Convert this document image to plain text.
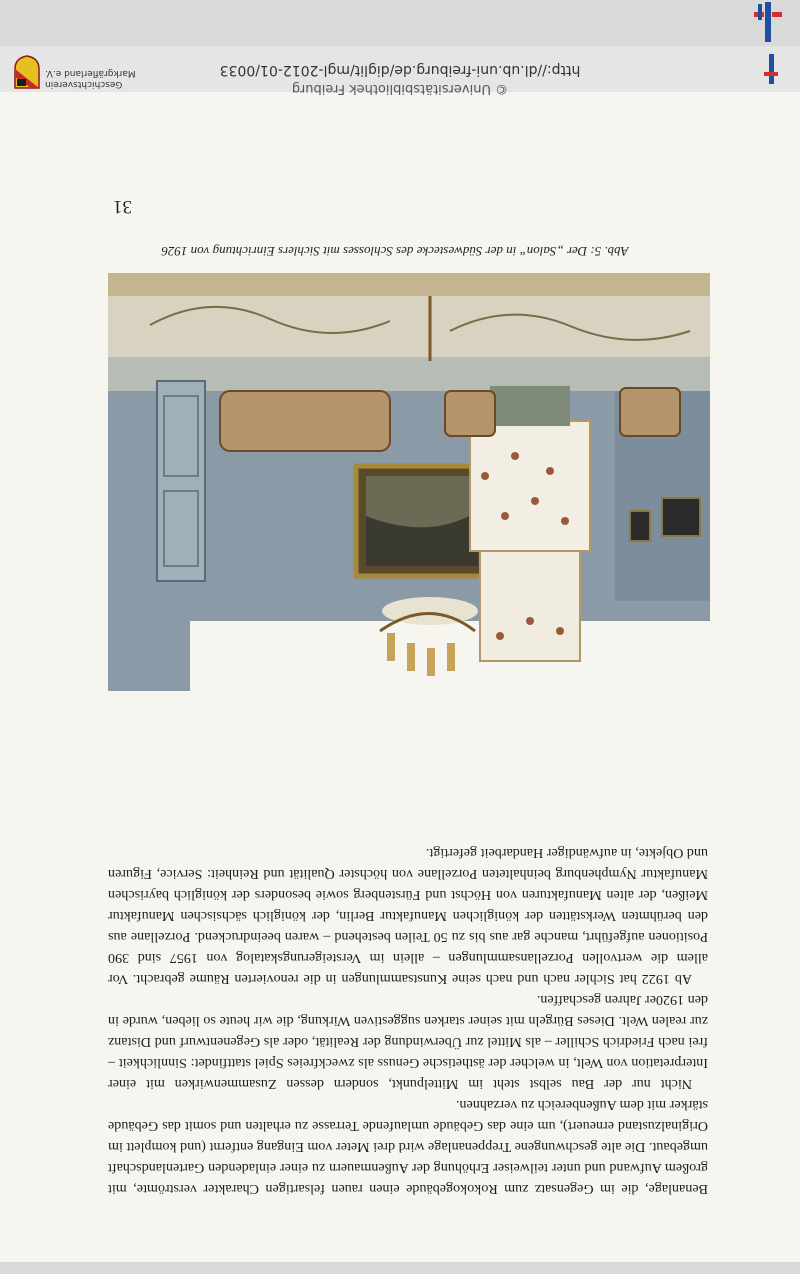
© Universitätsbibliothek Freiburg
http://dl.ub.uni-freiburg.de/diglit/mgl-2012-01/0033
Geschichtsverein
Markgräflerland e.V.

Benanlage, die im Gegensatz zum Rokokogebäude einen rauen felsartigen Charakter verströmte, mit großem Aufwand und unter teilweiser Erhöhung der Außenmauern zu einer einladenden Gartenlandschaft umgebaut. Die alte geschwungene Treppenanlage wird drei Meter vom Eingang entfernt (und komplett im Originalzustand erneuert), um eine das Gebäude umlaufende Terrasse zu erhalten und somit das Gebäude stärker mit dem Außenbereich zu verzahnen.

Nicht nur der Bau selbst steht im Mittelpunkt, sondern dessen Zusammenwirken mit einer Interpretation von Welt, in welcher der ästhetische Genuss als zweckfreies Spiel stattfindet: Sinnlichkeit – frei nach Friedrich Schiller – als Mittel zur Überwindung der Realität, oder als Gegenentwurf und Distanz zur realen Welt. Dieses Bürgeln mit seiner starken suggestiven Wirkung, die wir heute so lieben, wurde in den 1920er Jahren geschaffen.

Ab 1922 hat Sichler nach und nach seine Kunstsammlungen in die renovierten Räume gebracht. Vor allem die wertvollen Porzellansammlungen – allein im Versteigerungskatalog von 1957 sind 390 Positionen aufgeführt, manche gar aus bis zu 50 Teilen bestehend – waren beeindruckend. Porzellane aus den berühmten Werkstätten der königlichen Manufaktur Berlin, der königlich sächsischen Manufaktur Meißen, der alten Manufakturen von Höchst und Fürstenberg sowie besonders der königlich bayrischen Manufaktur Nymphenburg beinhalteten Porzellane von höchster Qualität und Reinheit: Service, Figuren und Objekte, in aufwändiger Handarbeit gefertigt.

Abb. 5: Der „Salon“ in der Südwestecke des Schlosses mit Sichlers Einrichtung von 1926
31
